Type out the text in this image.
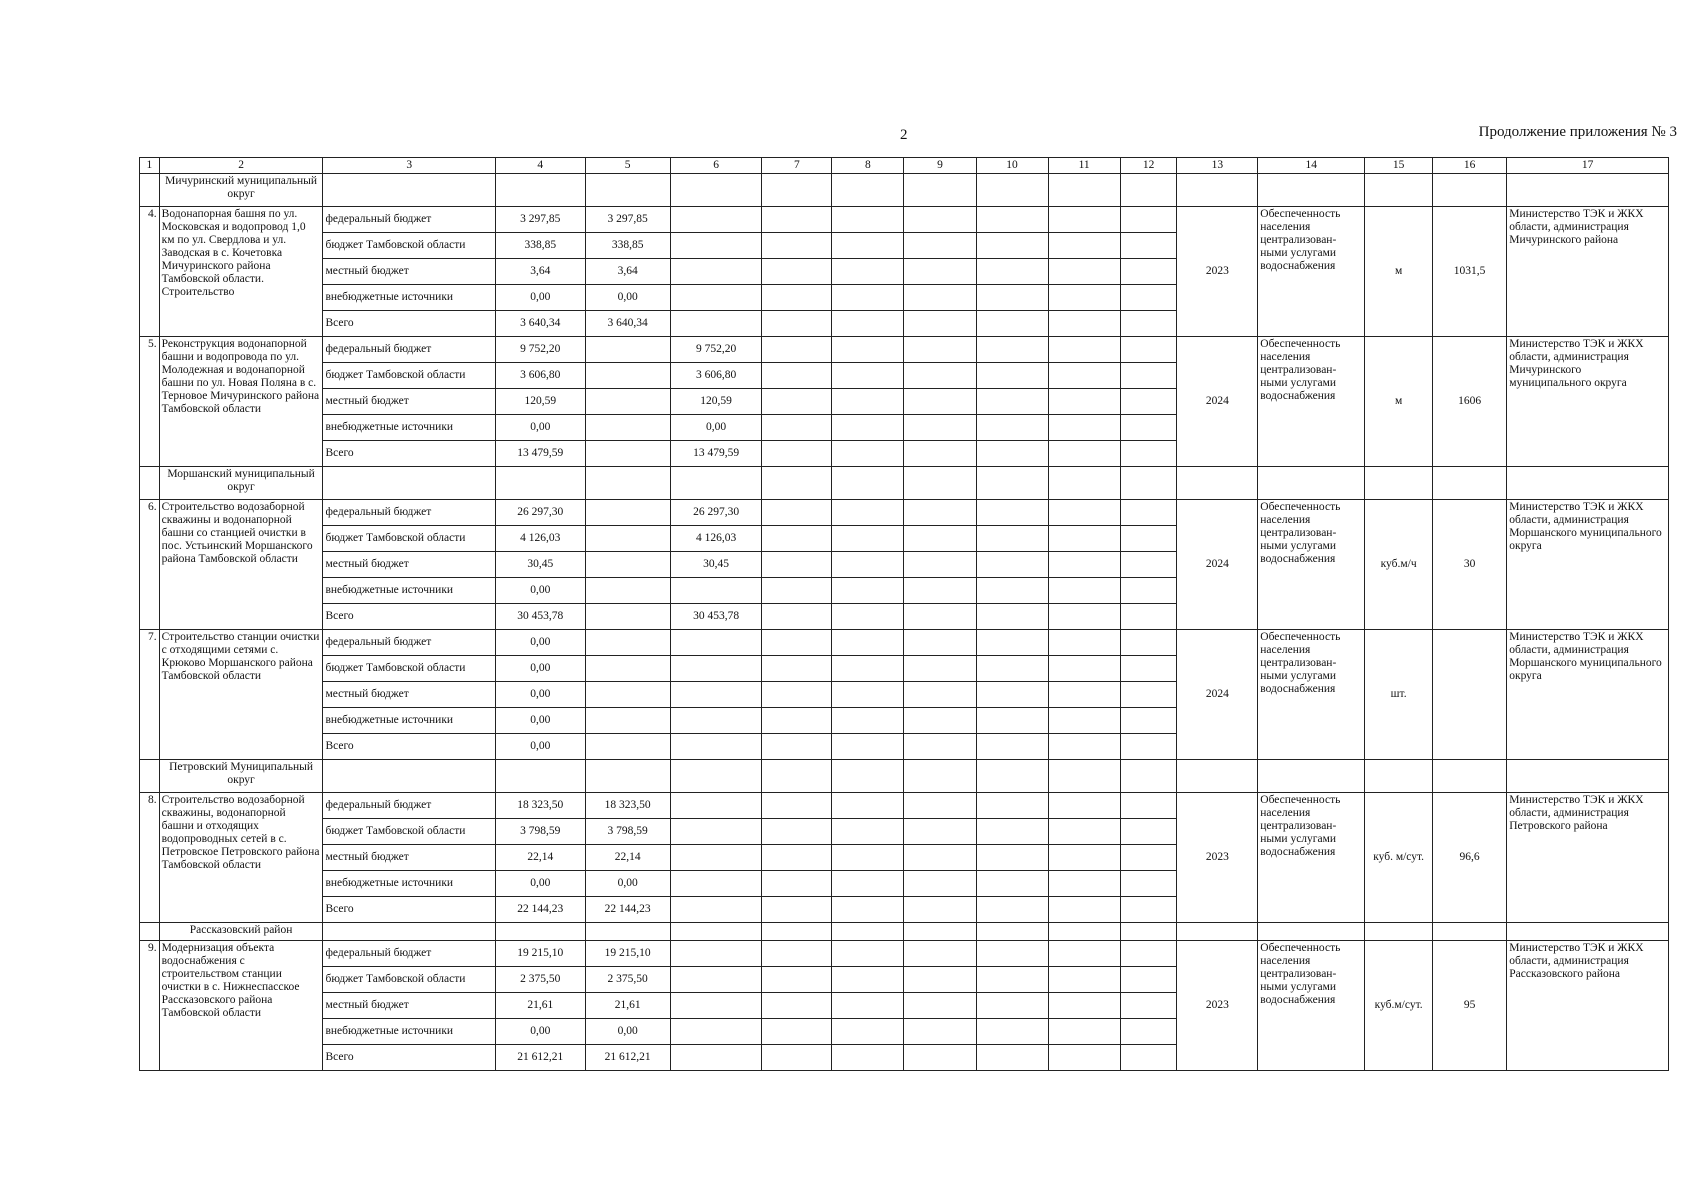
2	Продолжение приложения № 3
1	2	3	4	5	6	7	8	9	10	11	12	13	14	15	16	17
	Мичуринский муниципальный округ															
4.	Водонапорная башня по ул. Московская и водопровод 1,0 км по ул. Свердлова и ул. Заводская в с. Кочетовка Мичуринского района Тамбовской области. Строительство	федеральный бюджет	3 297,85	3 297,85								2023	Обеспеченность населения централизован-ными услугами водоснабжения	м	1031,5	Министерство ТЭК и ЖКХ области, администрация Мичуринского района
		бюджет Тамбовской области	338,85	338,85												
		местный бюджет	3,64	3,64												
		внебюджетные источники	0,00	0,00												
		Всего	3 640,34	3 640,34												
5.	Реконструкция водонапорной башни и водопровода по ул. Молодежная и водонапорной башни по ул. Новая Поляна в с. Терновое Мичуринского района Тамбовской области	федеральный бюджет	9 752,20		9 752,20							2024	Обеспеченность населения централизован-ными услугами водоснабжения	м	1606	Министерство ТЭК и ЖКХ области, администрация Мичуринского муниципального округа
		бюджет Тамбовской области	3 606,80		3 606,80											
		местный бюджет	120,59		120,59											
		внебюджетные источники	0,00		0,00											
		Всего	13 479,59		13 479,59											
	Моршанский муниципальный округ															
6.	Строительство водозаборной скважины и водонапорной башни со станцией очистки в пос. Устьинский Моршанского района Тамбовской области	федеральный бюджет	26 297,30		26 297,30							2024	Обеспеченность населения централизован-ными услугами водоснабжения	куб.м/ч	30	Министерство ТЭК и ЖКХ области, администрация Моршанского муниципального округа
		бюджет Тамбовской области	4 126,03		4 126,03											
		местный бюджет	30,45		30,45											
		внебюджетные источники	0,00													
		Всего	30 453,78		30 453,78											
7.	Строительство станции очистки с отходящими сетями с. Крюково Моршанского района Тамбовской области	федеральный бюджет	0,00									2024	Обеспеченность населения централизован-ными услугами водоснабжения	шт.		Министерство ТЭК и ЖКХ области, администрация Моршанского муниципального округа
		бюджет Тамбовской области	0,00													
		местный бюджет	0,00													
		внебюджетные источники	0,00													
		Всего	0,00													
	Петровский Муниципальный округ															
8.	Строительство водозаборной скважины, водонапорной башни и отходящих водопроводных сетей в с. Петровское Петровского района Тамбовской области	федеральный бюджет	18 323,50	18 323,50								2023	Обеспеченность населения централизован-ными услугами водоснабжения	куб. м/сут.	96,6	Министерство ТЭК и ЖКХ области, администрация Петровского района
		бюджет Тамбовской области	3 798,59	3 798,59												
		местный бюджет	22,14	22,14												
		внебюджетные источники	0,00	0,00												
		Всего	22 144,23	22 144,23												
	Рассказовский район															
9.	Модернизация объекта водоснабжения с строительством станции очистки в с. Нижнеспасское Рассказовского района Тамбовской области	федеральный бюджет	19 215,10	19 215,10								2023	Обеспеченность населения централизован-ными услугами водоснабжения	куб.м/сут.	95	Министерство ТЭК и ЖКХ области, администрация Рассказовского района
		бюджет Тамбовской области	2 375,50	2 375,50												
		местный бюджет	21,61	21,61												
		внебюджетные источники	0,00	0,00												
		Всего	21 612,21	21 612,21												
